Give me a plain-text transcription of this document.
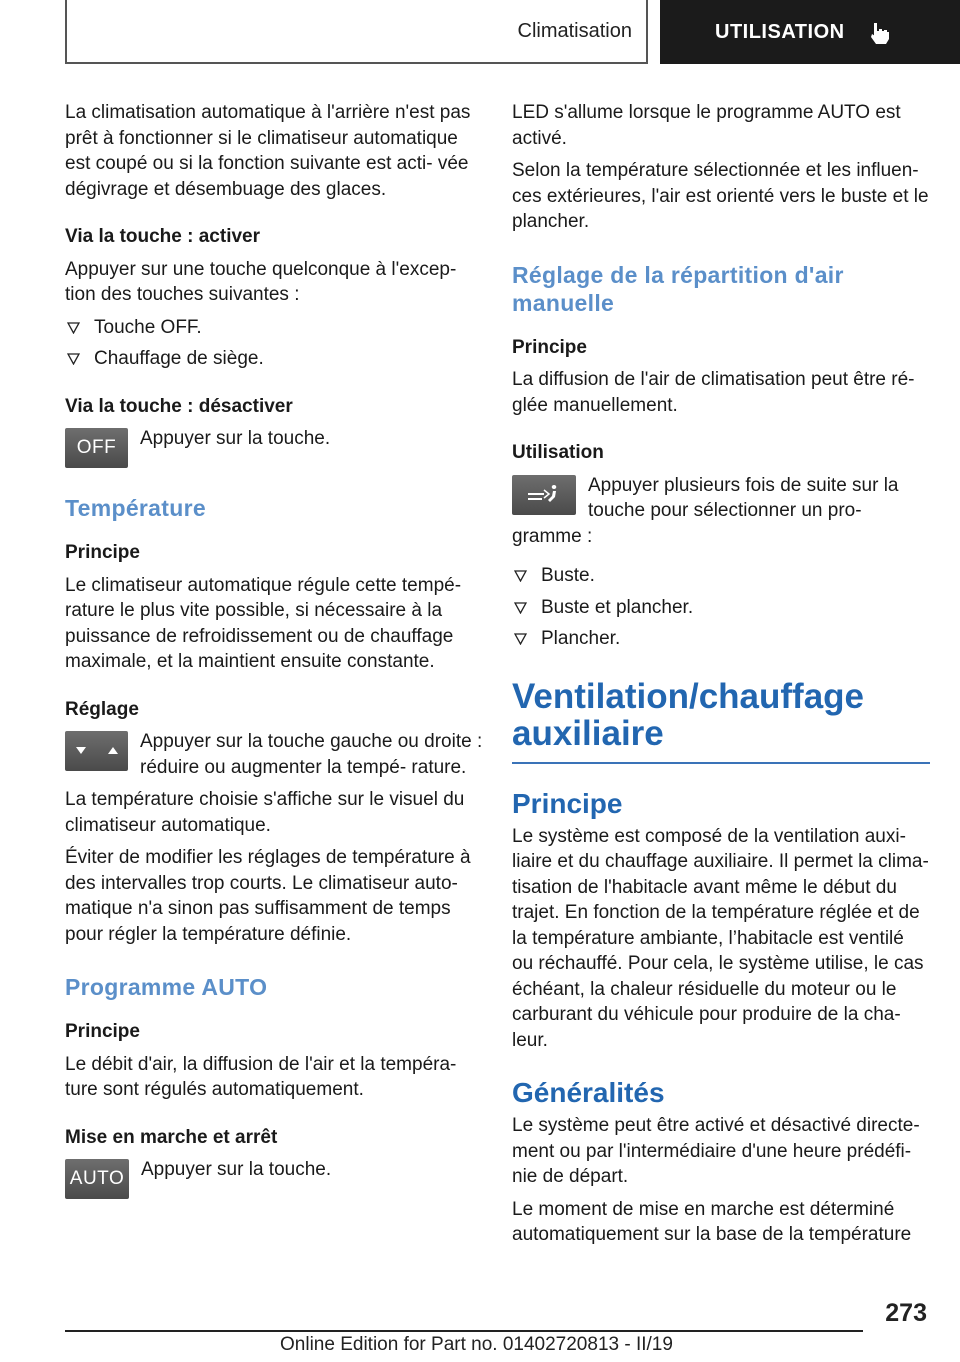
Climatisation	UTILISATION

La climatisation automatique à l'arrière n'est pas prêt à fonctionner si le climatiseur automatique est coupé ou si la fonction suivante est acti- vée dégivrage et désembuage des glaces.

Via la touche : activer

Appuyer sur une touche quelconque à l'excep- tion des touches suivantes :

Touche OFF.
Chauffage de siège.
Via la touche : désactiver
OFF	Appuyer sur la touche.
Température
Principe

Le climatiseur automatique régule cette tempé- rature le plus vite possible, si nécessaire à la puissance de refroidissement ou de chauffage maximale, et la maintient ensuite constante.

Réglage
Appuyer sur la touche gauche ou droite : réduire ou augmenter la tempé- rature.

La température choisie s'affiche sur le visuel du climatiseur automatique.

Éviter de modifier les réglages de température à des intervalles trop courts. Le climatiseur auto- matique n'a sinon pas suffisamment de temps pour régler la température définie.

Programme AUTO
Principe

Le débit d'air, la diffusion de l'air et la tempéra- ture sont régulés automatiquement.

Mise en marche et arrêt
AUTO Appuyer sur la touche.

LED s'allume lorsque le programme AUTO est activé.

Selon la température sélectionnée et les influen- ces extérieures, l'air est orienté vers le buste et le plancher.

Réglage de la répartition d'air manuelle
Principe

La diffusion de l'air de climatisation peut être ré- glée manuellement.

Utilisation
Appuyer plusieurs fois de suite sur la touche pour sélectionner un pro- gramme :
Buste.
Buste et plancher.
Plancher.
Ventilation/chauffage auxiliaire
Principe

Le système est composé de la ventilation auxi- liaire et du chauffage auxiliaire. Il permet la clima- tisation de l'habitacle avant même le début du trajet. En fonction de la température réglée et de la température ambiante, l’habitacle est ventilé ou réchauffé. Pour cela, le système utilise, le cas échéant, la chaleur résiduelle du moteur ou le carburant du véhicule pour produire de la cha- leur.

Généralités

Le système peut être activé et désactivé directe- ment ou par l'intermédiaire d'une heure prédéfi- nie de départ.

Le moment de mise en marche est déterminé automatiquement sur la base de la température

273
Online Edition for Part no. 01402720813 - II/19
